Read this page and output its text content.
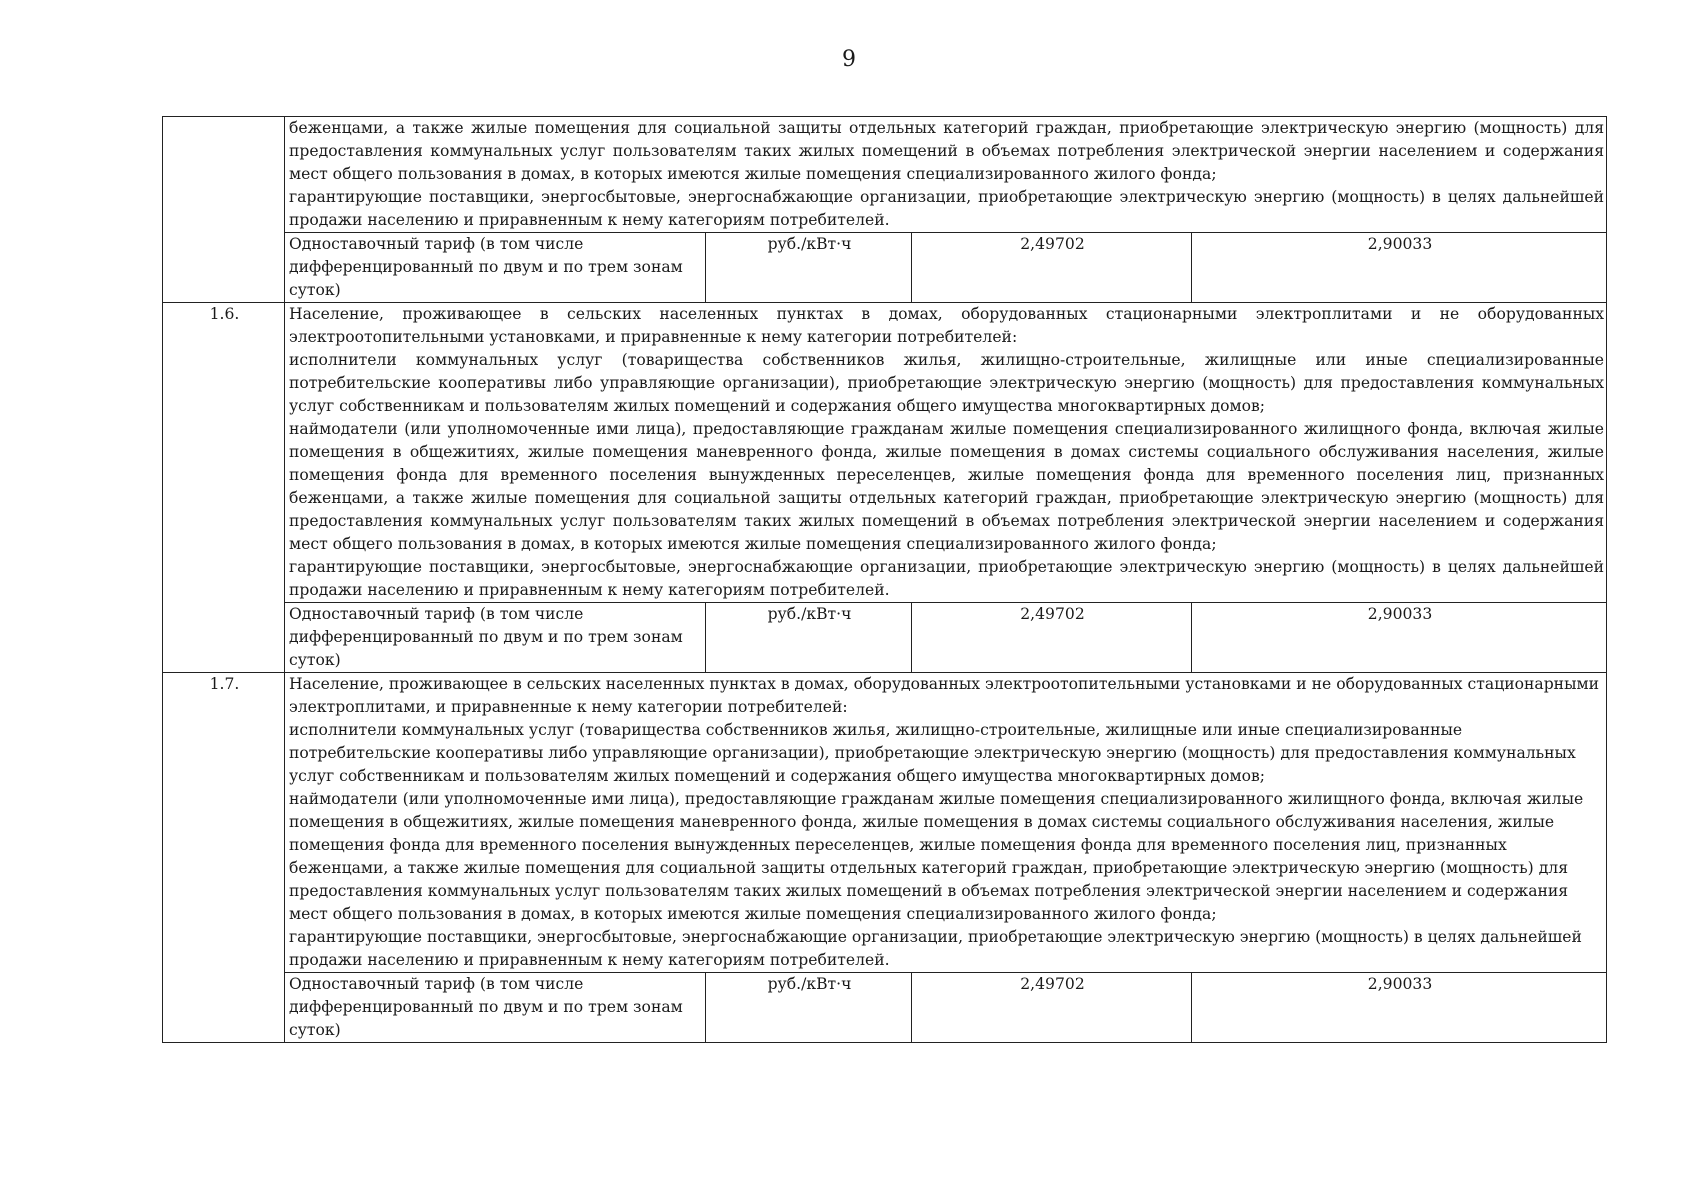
9

	беженцами, а также жилые помещения для социальной защиты отдельных категорий граждан, приобретающие электрическую энергию (мощность) для предоставления коммунальных услуг пользователям таких жилых помещений в объемах потребления электрической энергии населением и содержания мест общего пользования в домах, в которых имеются жилые помещения специализированного жилого фонда;

гарантирующие поставщики, энергосбытовые, энергоснабжающие организации, приобретающие электрическую энергию (мощность) в целях дальнейшей продажи населению и приравненным к нему категориям потребителей.			

	Одноставочный тариф (в том числе дифференцированный по двум и по трем зонам суток)	руб./кВт·ч	2,49702	2,90033
1.6.	Население, проживающее в сельских населенных пунктах в домах, оборудованных стационарными электроплитами и не оборудованных электроотопительными установками, и приравненные к нему категории потребителей:

исполнители коммунальных услуг (товарищества собственников жилья, жилищно-строительные, жилищные или иные специализированные потребительские кооперативы либо управляющие организации), приобретающие электрическую энергию (мощность) для предоставления коммунальных услуг собственникам и пользователям жилых помещений и содержания общего имущества многоквартирных домов;

наймодатели (или уполномоченные ими лица), предоставляющие гражданам жилые помещения специализированного жилищного фонда, включая жилые помещения в общежитиях, жилые помещения маневренного фонда, жилые помещения в домах системы социального обслуживания населения, жилые помещения фонда для временного поселения вынужденных переселенцев, жилые помещения фонда для временного поселения лиц, признанных беженцами, а также жилые помещения для социальной защиты отдельных категорий граждан, приобретающие электрическую энергию (мощность) для предоставления коммунальных услуг пользователям таких жилых помещений в объемах потребления электрической энергии населением и содержания мест общего пользования в домах, в которых имеются жилые помещения специализированного жилого фонда;

гарантирующие поставщики, энергосбытовые, энергоснабжающие организации, приобретающие электрическую энергию (мощность) в целях дальнейшей продажи населению и приравненным к нему категориям потребителей.			

	Одноставочный тариф (в том числе дифференцированный по двум и по трем зонам суток)	руб./кВт·ч	2,49702	2,90033
1.7.	Население, проживающее в сельских населенных пунктах в домах, оборудованных электроотопительными установками и не оборудованных стационарными электроплитами, и приравненные к нему категории потребителей:

исполнители коммунальных услуг (товарищества собственников жилья, жилищно-строительные, жилищные или иные специализированные потребительские кооперативы либо управляющие организации), приобретающие электрическую энергию (мощность) для предоставления коммунальных услуг собственникам и пользователям жилых помещений и содержания общего имущества многоквартирных домов;

наймодатели (или уполномоченные ими лица), предоставляющие гражданам жилые помещения специализированного жилищного фонда, включая жилые помещения в общежитиях, жилые помещения маневренного фонда, жилые помещения в домах системы социального обслуживания населения, жилые помещения фонда для временного поселения вынужденных переселенцев, жилые помещения фонда для временного поселения лиц, признанных беженцами, а также жилые помещения для социальной защиты отдельных категорий граждан, приобретающие электрическую энергию (мощность) для предоставления коммунальных услуг пользователям таких жилых помещений в объемах потребления электрической энергии населением и содержания мест общего пользования в домах, в которых имеются жилые помещения специализированного жилого фонда;

гарантирующие поставщики, энергосбытовые, энергоснабжающие организации, приобретающие электрическую энергию (мощность) в целях дальнейшей продажи населению и приравненным к нему категориям потребителей.			

	Одноставочный тариф (в том числе дифференцированный по двум и по трем зонам суток)	руб./кВт·ч	2,49702	2,90033
